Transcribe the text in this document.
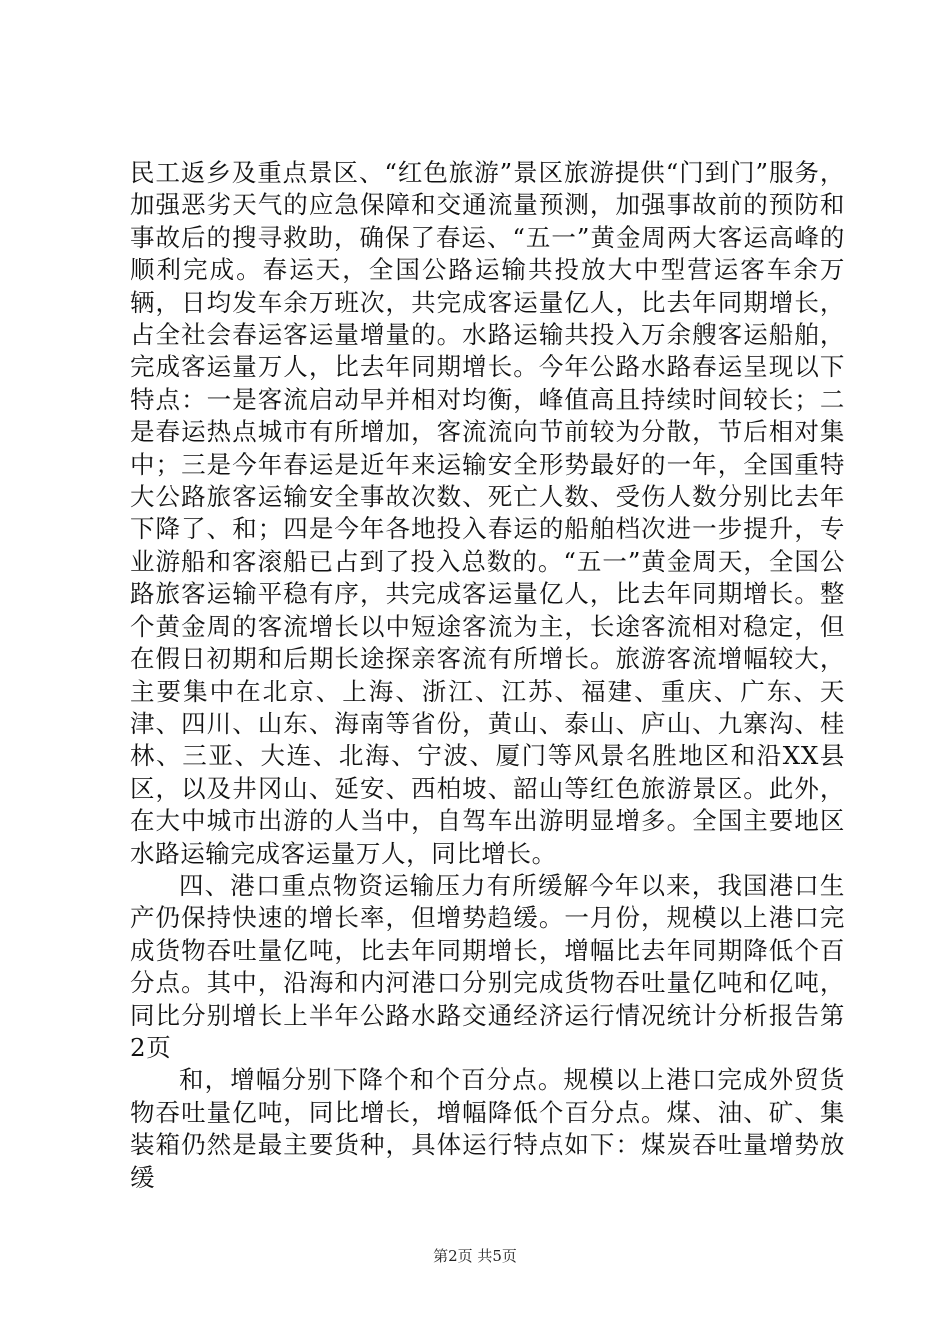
民工返乡及重点景区、“红色旅游”景区旅游提供“门到门”服务，加强恶劣天气的应急保障和交通流量预测，加强事故前的预防和事故后的搜寻救助，确保了春运、“五一”黄金周两大客运高峰的顺利完成。春运天，全国公路运输共投放大中型营运客车余万辆，日均发车余万班次，共完成客运量亿人，比去年同期增长，占全社会春运客运量增量的。水路运输共投入万余艘客运船舶，完成客运量万人，比去年同期增长。今年公路水路春运呈现以下特点：一是客流启动早并相对均衡，峰值高且持续时间较长；二是春运热点城市有所增加，客流流向节前较为分散，节后相对集中；三是今年春运是近年来运输安全形势最好的一年，全国重特大公路旅客运输安全事故次数、死亡人数、受伤人数分别比去年下降了、和；四是今年各地投入春运的船舶档次进一步提升，专业游船和客滚船已占到了投入总数的。“五一”黄金周天，全国公路旅客运输平稳有序，共完成客运量亿人，比去年同期增长。整个黄金周的客流增长以中短途客流为主，长途客流相对稳定，但在假日初期和后期长途探亲客流有所增长。旅游客流增幅较大，主要集中在北京、上海、浙江、江苏、福建、重庆、广东、天津、四川、山东、海南等省份，黄山、泰山、庐山、九寨沟、桂林、三亚、大连、北海、宁波、厦门等风景名胜地区和沿XX县区，以及井冈山、延安、西柏坡、韶山等红色旅游景区。此外，在大中城市出游的人当中，自驾车出游明显增多。全国主要地区水路运输完成客运量万人，同比增长。

四、港口重点物资运输压力有所缓解今年以来，我国港口生产仍保持快速的增长率，但增势趋缓。一月份，规模以上港口完成货物吞吐量亿吨，比去年同期增长，增幅比去年同期降低个百分点。其中，沿海和内河港口分别完成货物吞吐量亿吨和亿吨，同比分别增长上半年公路水路交通经济运行情况统计分析报告第2页

和，增幅分别下降个和个百分点。规模以上港口完成外贸货物吞吐量亿吨，同比增长，增幅降低个百分点。煤、油、矿、集装箱仍然是最主要货种，具体运行特点如下：煤炭吞吐量增势放缓

第2页 共5页
